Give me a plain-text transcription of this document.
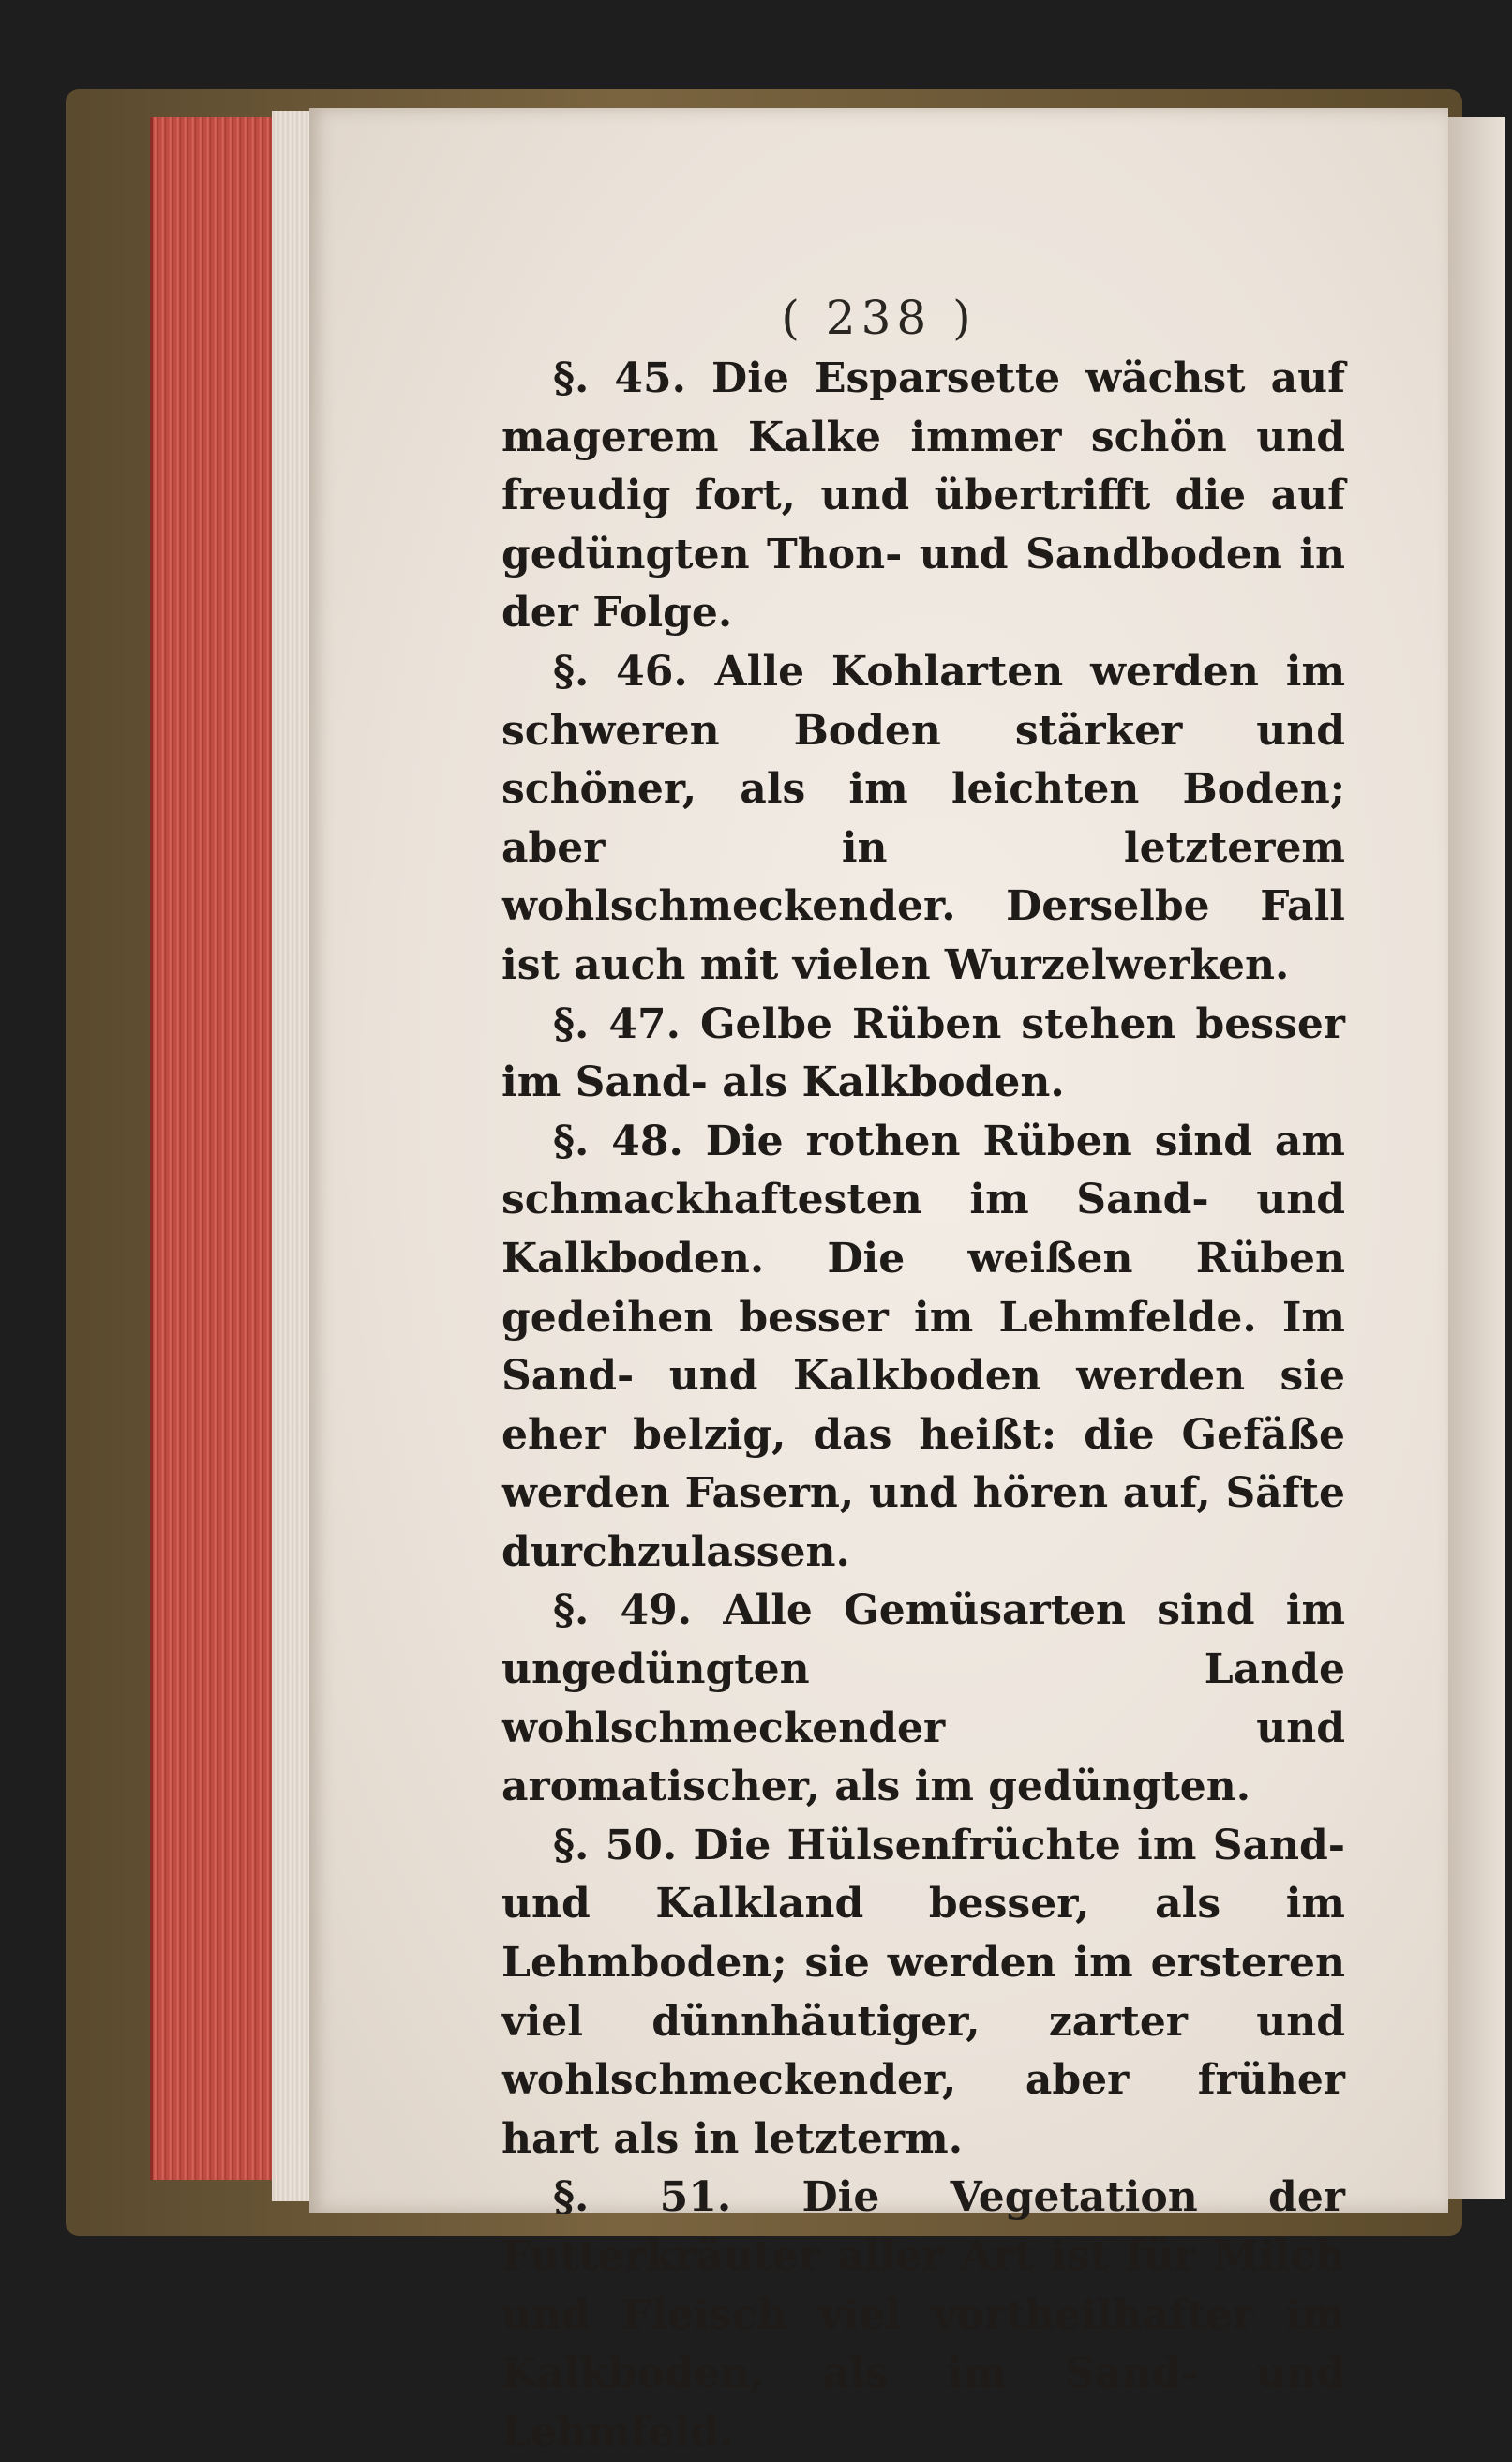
( 238 )

§. 45. Die Esparsette wächst auf magerem Kalke immer schön und freudig fort, und übertrifft die auf gedüngten Thon- und Sandboden in der Folge.

§. 46. Alle Kohlarten werden im schweren Boden stärker und schöner, als im leichten Boden; aber in letzterem wohlschmeckender. Derselbe Fall ist auch mit vielen Wurzelwerken.

§. 47. Gelbe Rüben stehen besser im Sand- als Kalkboden.

§. 48. Die rothen Rüben sind am schmackhaftesten im Sand- und Kalkboden. Die weißen Rüben gedeihen besser im Lehmfelde. Im Sand- und Kalkboden werden sie eher belzig, das heißt: die Gefäße werden Fasern, und hören auf, Säfte durchzulassen.

§. 49. Alle Gemüsarten sind im ungedüngten Lande wohlschmeckender und aromatischer, als im gedüngten.

§. 50. Die Hülsenfrüchte im Sand- und Kalkland besser, als im Lehmboden; sie werden im ersteren viel dünnhäutiger, zarter und wohlschmeckender, aber früher hart als in letzterm.

§. 51. Die Vegetation der Futterkräuter aller Art ist für Milch und Fleisch viel vortheilhafter im Kalkboden, als im Sand- und Lehmfeld.
